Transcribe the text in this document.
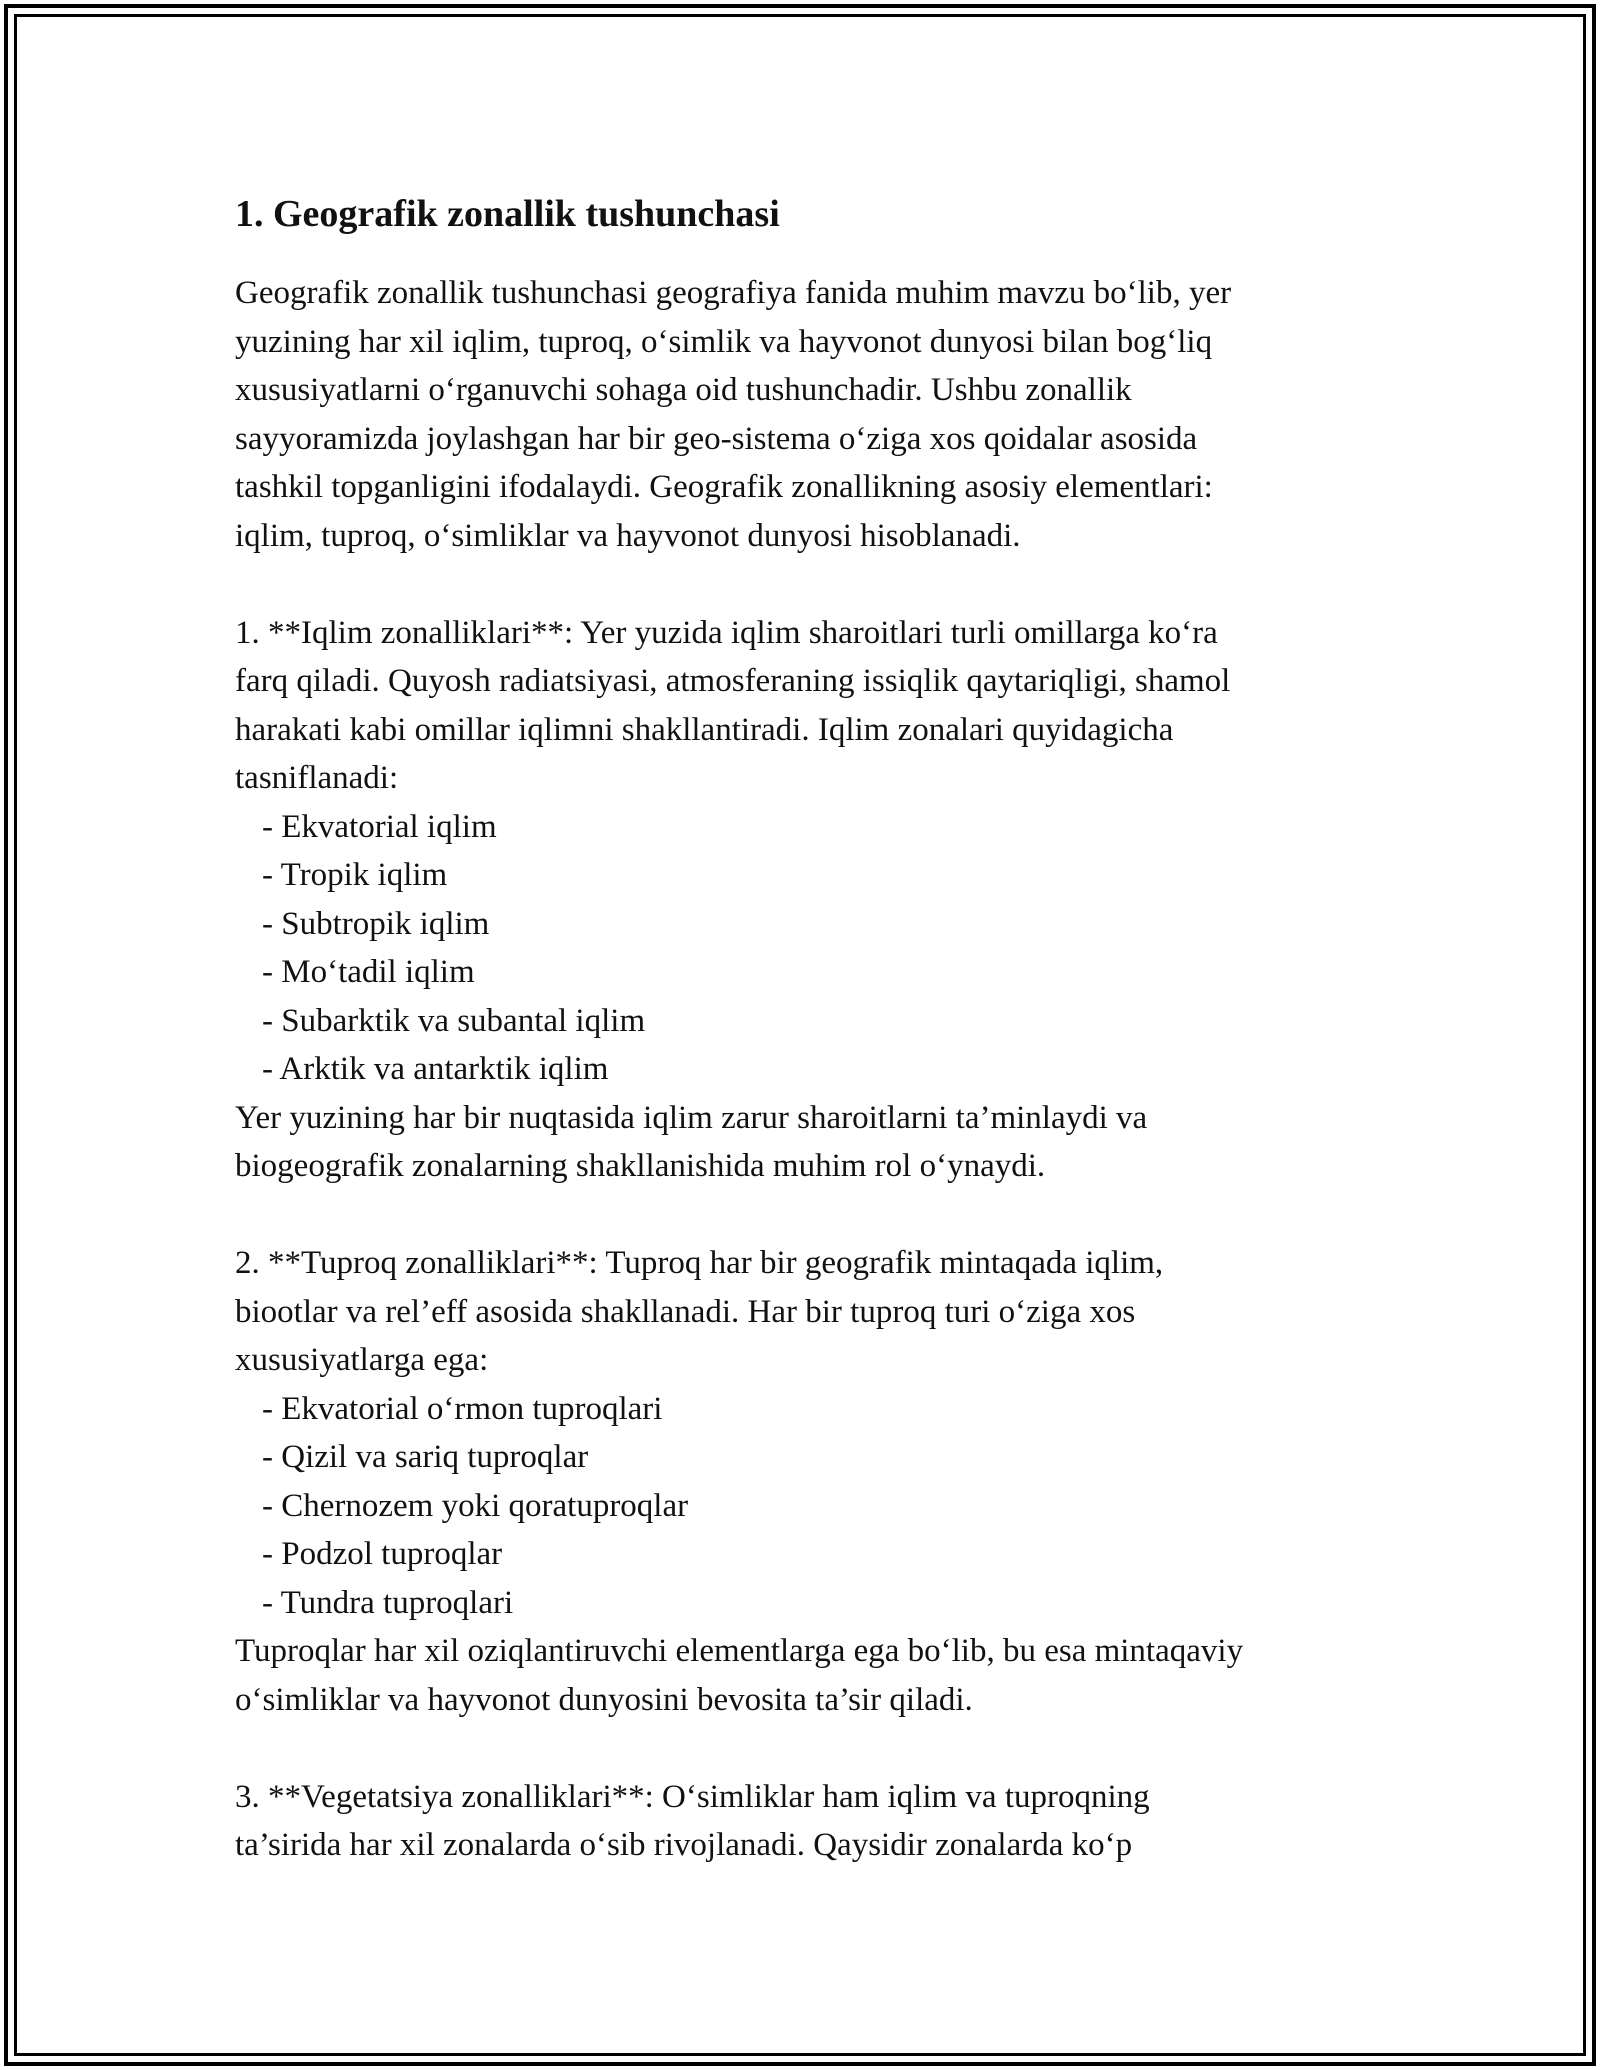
1. Geografik zonallik tushunchasi

Geografik zonallik tushunchasi geografiya fanida muhim mavzu bo‘lib, yer

yuzining har xil iqlim, tuproq, o‘simlik va hayvonot dunyosi bilan bog‘liq

xususiyatlarni o‘rganuvchi sohaga oid tushunchadir. Ushbu zonallik

sayyoramizda joylashgan har bir geo-sistema o‘ziga xos qoidalar asosida

tashkil topganligini ifodalaydi. Geografik zonallikning asosiy elementlari:

iqlim, tuproq, o‘simliklar va hayvonot dunyosi hisoblanadi.

1. **Iqlim zonalliklari**: Yer yuzida iqlim sharoitlari turli omillarga ko‘ra

farq qiladi. Quyosh radiatsiyasi, atmosferaning issiqlik qaytariqligi, shamol

harakati kabi omillar iqlimni shakllantiradi. Iqlim zonalari quyidagicha

tasniflanadi:

- Ekvatorial iqlim

- Tropik iqlim

- Subtropik iqlim

- Mo‘tadil iqlim

- Subarktik va subantal iqlim

- Arktik va antarktik iqlim

Yer yuzining har bir nuqtasida iqlim zarur sharoitlarni ta’minlaydi va

biogeografik zonalarning shakllanishida muhim rol o‘ynaydi.

2. **Tuproq zonalliklari**: Tuproq har bir geografik mintaqada iqlim,

biootlar va rel’eff asosida shakllanadi. Har bir tuproq turi o‘ziga xos

xususiyatlarga ega:

- Ekvatorial o‘rmon tuproqlari

- Qizil va sariq tuproqlar

- Chernozem yoki qoratuproqlar

- Podzol tuproqlar

- Tundra tuproqlari

Tuproqlar har xil oziqlantiruvchi elementlarga ega bo‘lib, bu esa mintaqaviy

o‘simliklar va hayvonot dunyosini bevosita ta’sir qiladi.

3. **Vegetatsiya zonalliklari**: O‘simliklar ham iqlim va tuproqning

ta’sirida har xil zonalarda o‘sib rivojlanadi. Qaysidir zonalarda ko‘p
